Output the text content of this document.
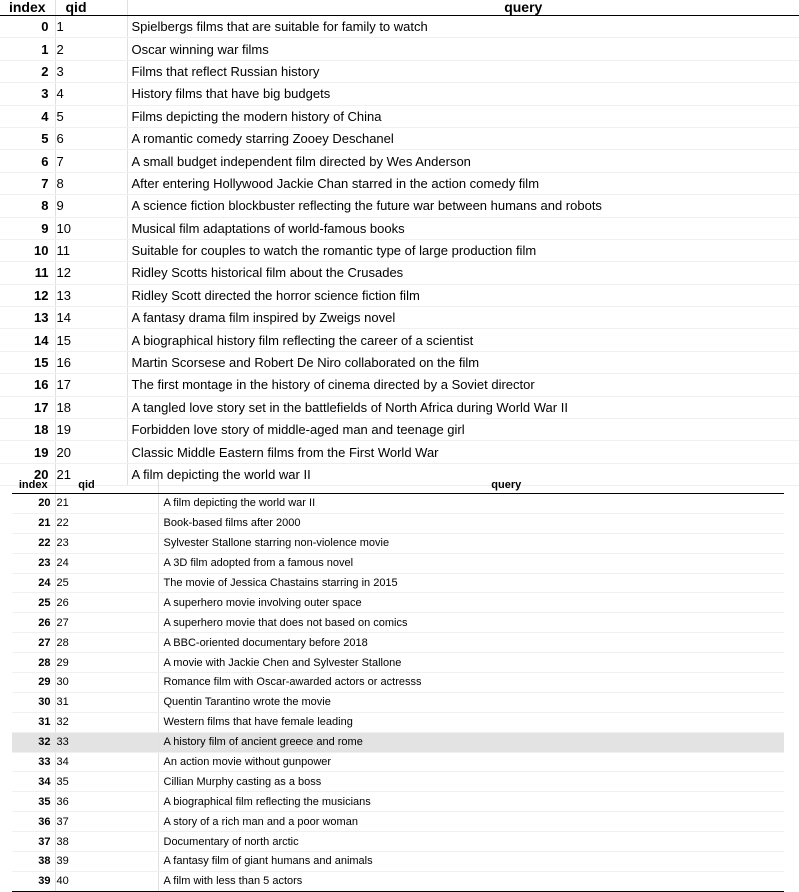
index	qid	query
0	1	Spielbergs films that are suitable for family to watch
1	2	Oscar winning war films
2	3	Films that reflect Russian history
3	4	History films that have big budgets
4	5	Films depicting the modern history of China
5	6	A romantic comedy starring Zooey Deschanel
6	7	A small budget independent film directed by Wes Anderson
7	8	After entering Hollywood Jackie Chan starred in the action comedy film
8	9	A science fiction blockbuster reflecting the future war between humans and robots
9	10	Musical film adaptations of world-famous books
10	11	Suitable for couples to watch the romantic type of large production film
11	12	Ridley Scotts historical film about the Crusades
12	13	Ridley Scott directed the horror science fiction film
13	14	A fantasy drama film inspired by Zweigs novel
14	15	A biographical history film reflecting the career of a scientist
15	16	Martin Scorsese and Robert De Niro collaborated on the film
16	17	The first montage in the history of cinema directed by a Soviet director
17	18	A tangled love story set in the battlefields of North Africa during World War II
18	19	Forbidden love story of middle-aged man and teenage girl
19	20	Classic Middle Eastern films from the First World War
20	21	A film depicting the world war II
index	qid	query
20	21	A film depicting the world war II
21	22	Book-based films after 2000
22	23	Sylvester Stallone starring non-violence movie
23	24	A 3D film adopted from a famous novel
24	25	The movie of Jessica Chastains starring in 2015
25	26	A superhero movie involving outer space
26	27	A superhero movie that does not based on comics
27	28	A BBC-oriented documentary before 2018
28	29	A movie with Jackie Chen and Sylvester Stallone
29	30	Romance film with Oscar-awarded actors or actresss
30	31	Quentin Tarantino wrote the movie
31	32	Western films that have female leading
32	33	A history film of ancient greece and rome
33	34	An action movie without gunpower
34	35	Cillian Murphy casting as a boss
35	36	A biographical film reflecting the musicians
36	37	A story of a rich man and a poor woman
37	38	Documentary of north arctic
38	39	A fantasy film of giant humans and animals
39	40	A film with less than 5 actors
